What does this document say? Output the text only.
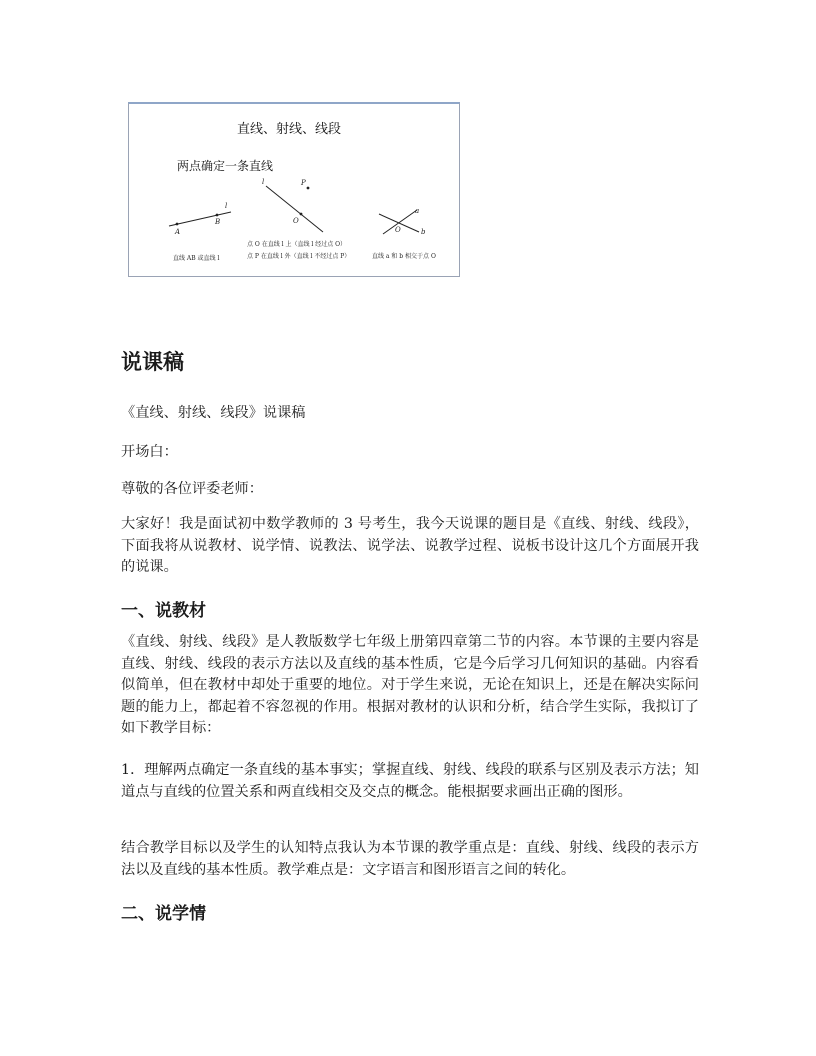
直线、射线、线段
两点确定一条直线
A
B
l
直线 AB 或直线 l
l	P
O
点 O 在直线 l 上（直线 l 经过点 O）
点 P 在直线 l 外（直线 l 不经过点 P）
a
b
O
直线 a 和 b 相交于点 O
说课稿

《直线、射线、线段》说课稿

开场白：

尊敬的各位评委老师：

大家好！我是面试初中数学教师的 3 号考生，我今天说课的题目是《直线、射线、线段》，下面我将从说教材、说学情、说教法、说学法、说教学过程、说板书设计这几个方面展开我的说课。

一、说教材

《直线、射线、线段》是人教版数学七年级上册第四章第二节的内容。本节课的主要内容是直线、射线、线段的表示方法以及直线的基本性质，它是今后学习几何知识的基础。内容看似简单，但在教材中却处于重要的地位。对于学生来说，无论在知识上，还是在解决实际问题的能力上，都起着不容忽视的作用。根据对教材的认识和分析，结合学生实际，我拟订了如下教学目标：

1．理解两点确定一条直线的基本事实；掌握直线、射线、线段的联系与区别及表示方法；知道点与直线的位置关系和两直线相交及交点的概念。能根据要求画出正确的图形。

结合教学目标以及学生的认知特点我认为本节课的教学重点是：直线、射线、线段的表示方法以及直线的基本性质。教学难点是：文字语言和图形语言之间的转化。

二、说学情
